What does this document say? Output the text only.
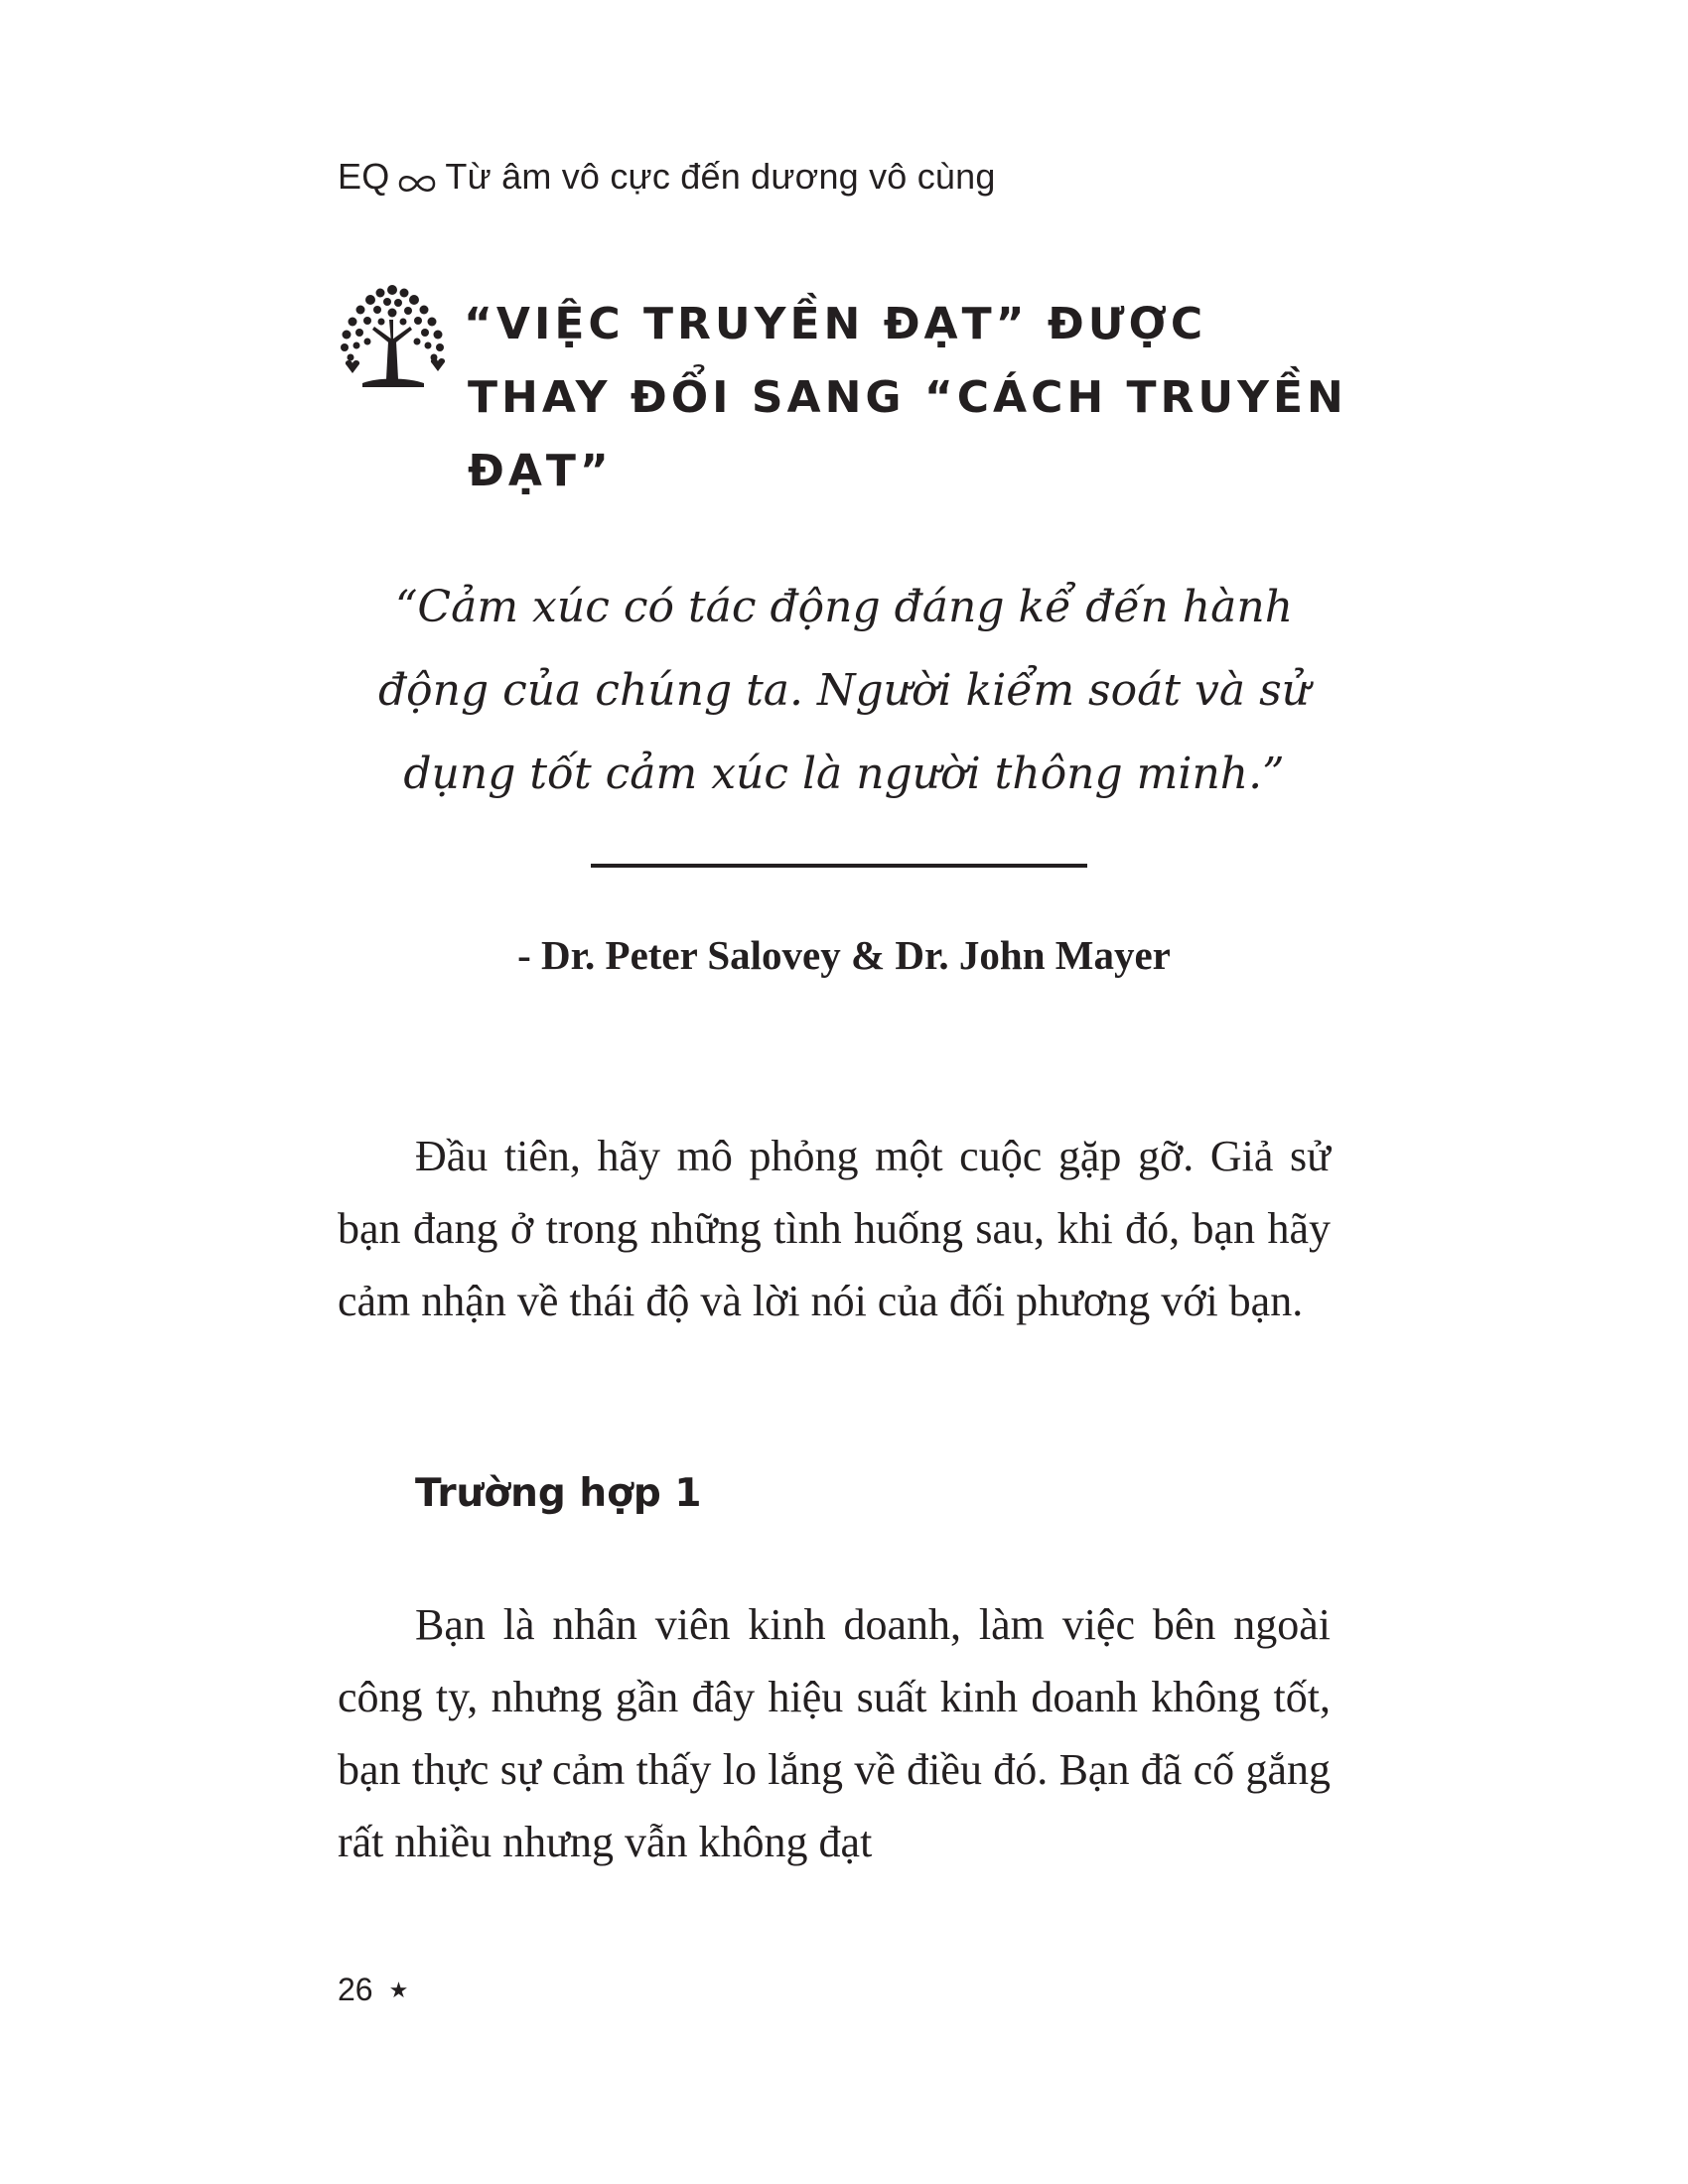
EQ Từ âm vô cực đến dương vô cùng
“VIỆC TRUYỀN ĐẠT” ĐƯỢC
THAY ĐỔI SANG “CÁCH TRUYỀN ĐẠT”

“Cảm xúc có tác động đáng kể đến hành động của chúng ta. Người kiểm soát và sử dụng tốt cảm xúc là người thông minh.”

- Dr. Peter Salovey & Dr. John Mayer

Đầu tiên, hãy mô phỏng một cuộc gặp gỡ. Giả sử bạn đang ở trong những tình huống sau, khi đó, bạn hãy cảm nhận về thái độ và lời nói của đối phương với bạn.

Trường hợp 1

Bạn là nhân viên kinh doanh, làm việc bên ngoài công ty, nhưng gần đây hiệu suất kinh doanh không tốt, bạn thực sự cảm thấy lo lắng về điều đó. Bạn đã cố gắng rất nhiều nhưng vẫn không đạt

26 ★
